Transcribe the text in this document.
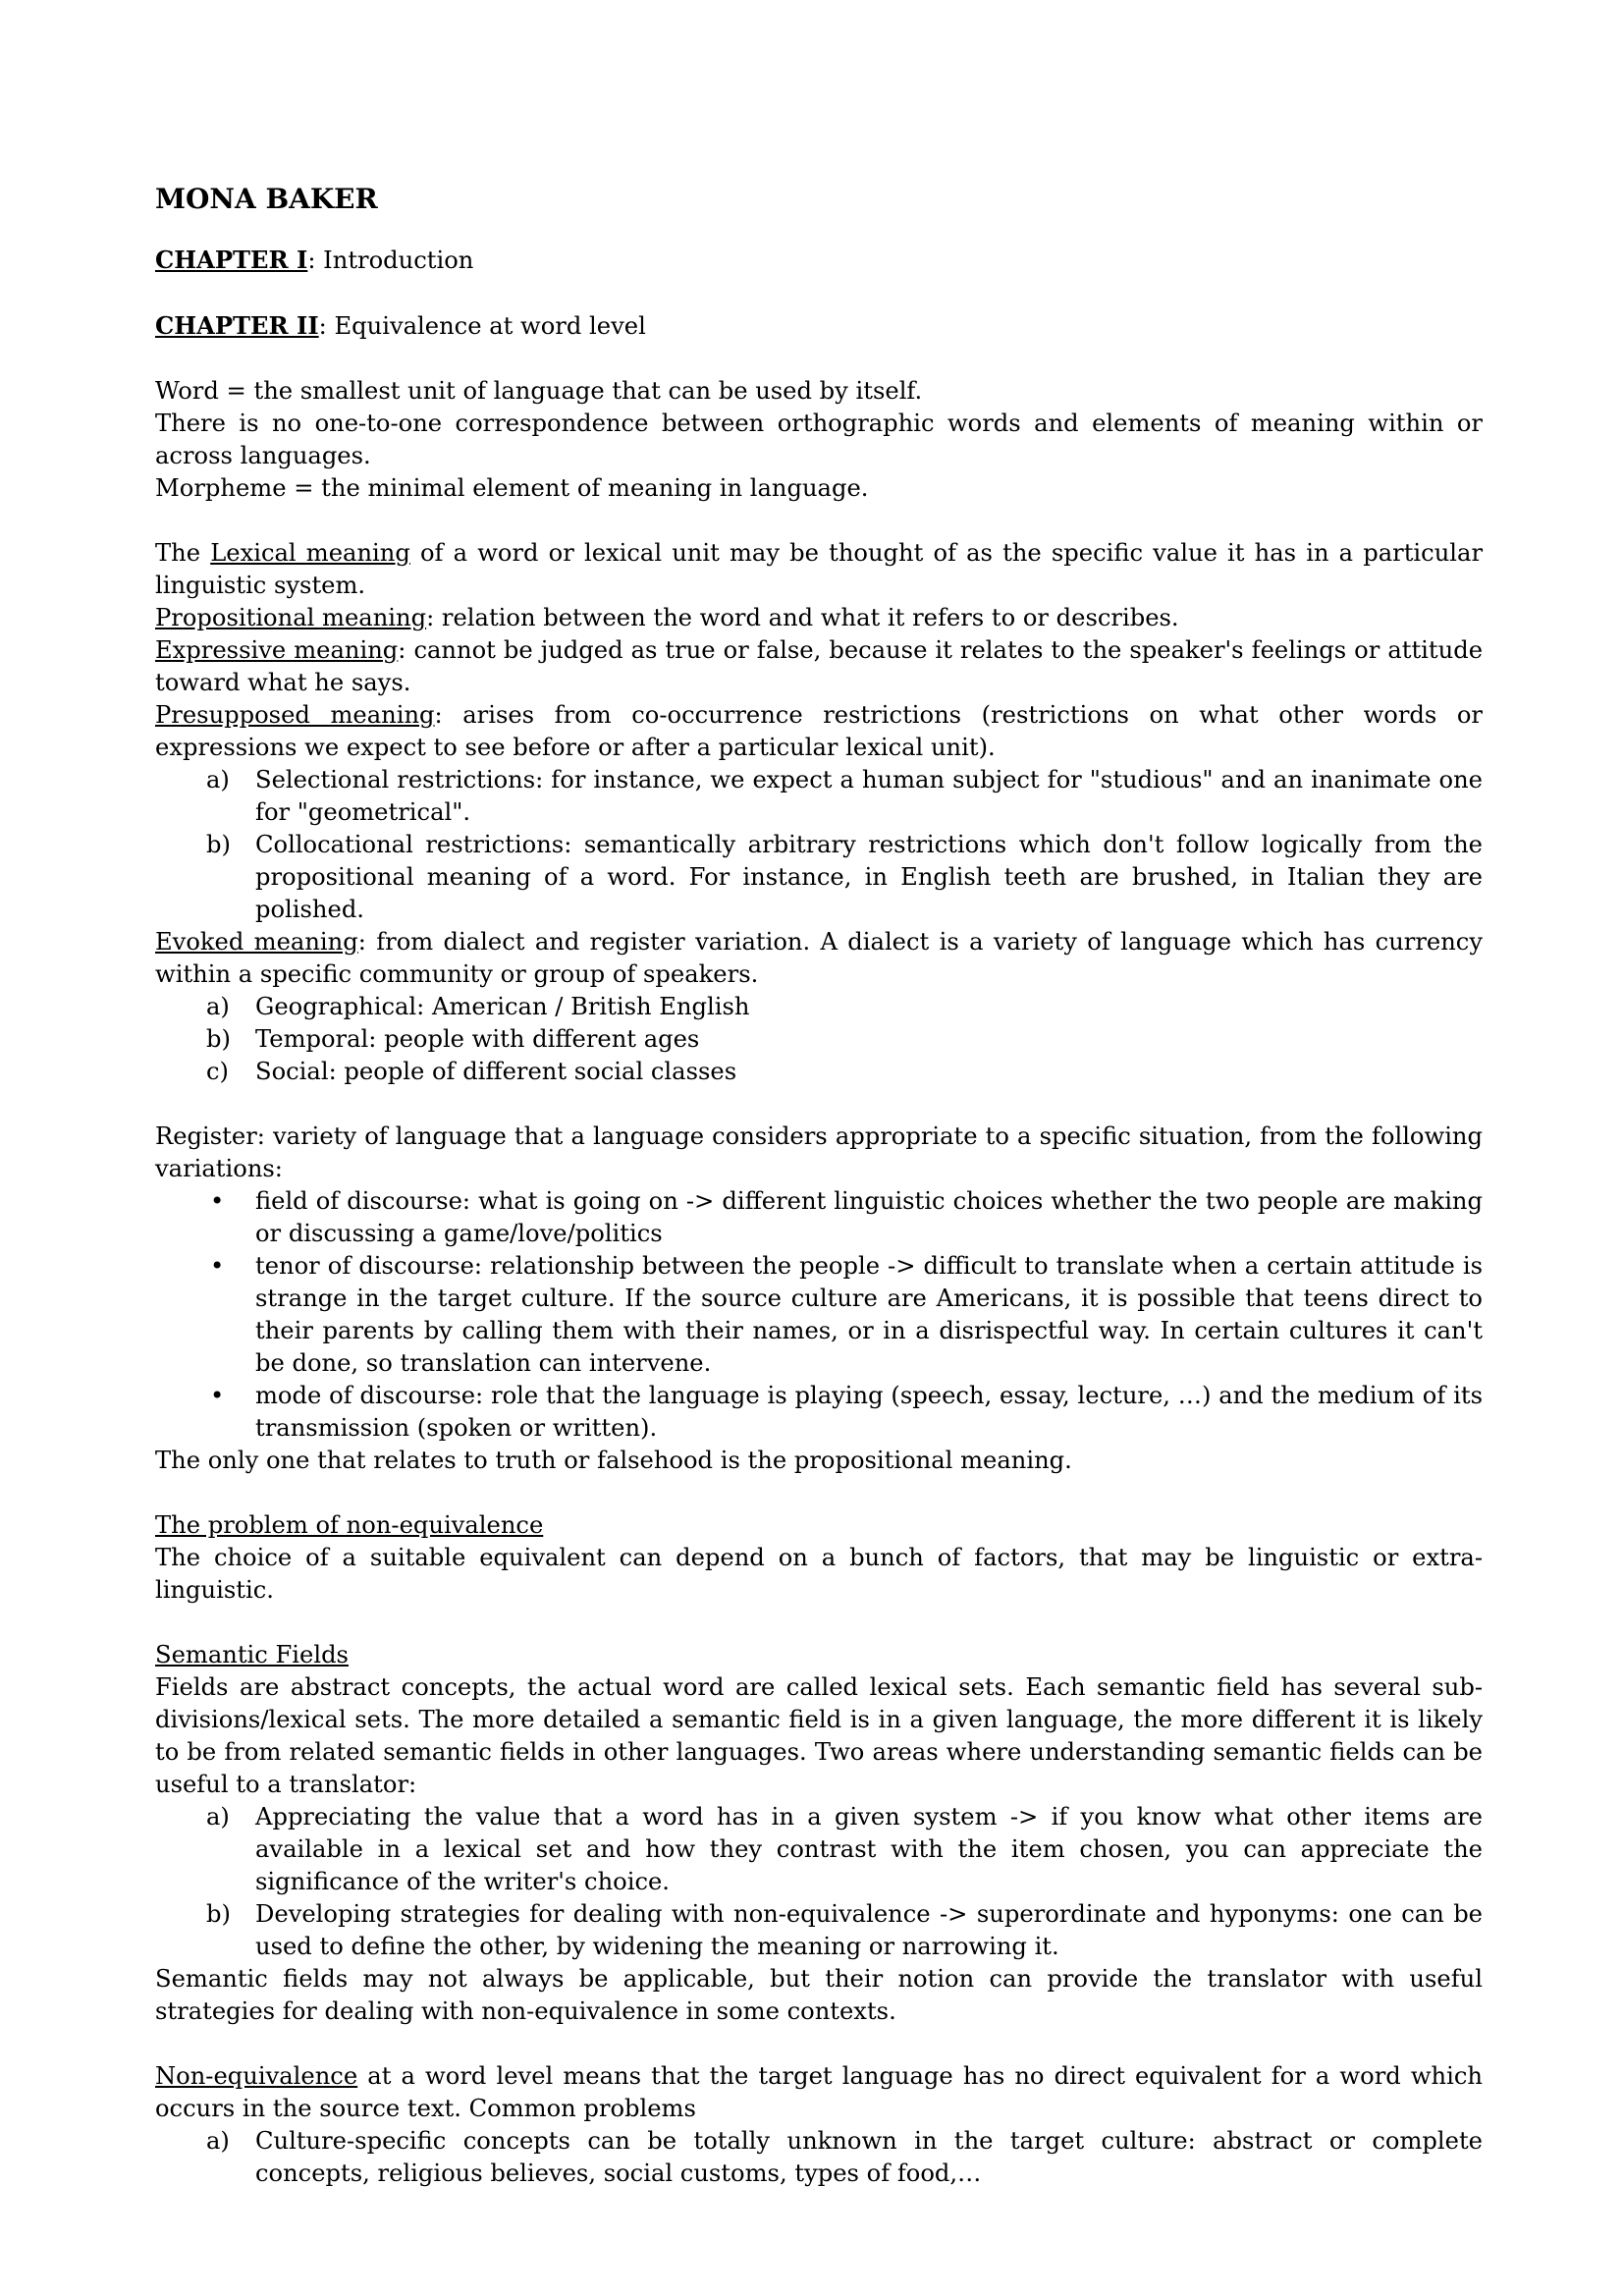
MONA BAKER
CHAPTER I: Introduction
CHAPTER II: Equivalence at word level

Word = the smallest unit of language that can be used by itself.

There is no one-to-one correspondence between orthographic words and elements of meaning within or across languages.

Morpheme = the minimal element of meaning in language.

The Lexical meaning of a word or lexical unit may be thought of as the specific value it has in a particular linguistic system.

Propositional meaning: relation between the word and what it refers to or describes.

Expressive meaning: cannot be judged as true or false, because it relates to the speaker's feelings or attitude toward what he says.

Presupposed meaning: arises from co-occurrence restrictions (restrictions on what other words or expressions we expect to see before or after a particular lexical unit).

a) Selectional restrictions: for instance, we expect a human subject for "studious" and an inanimate one for "geometrical".
b) Collocational restrictions: semantically arbitrary restrictions which don't follow logically from the propositional meaning of a word. For instance, in English teeth are brushed, in Italian they are polished.

Evoked meaning: from dialect and register variation. A dialect is a variety of language which has currency within a specific community or group of speakers.

a) Geographical: American / British English
b) Temporal: people with different ages
c) Social: people of different social classes

Register: variety of language that a language considers appropriate to a specific situation, from the following variations:

• field of discourse: what is going on -> different linguistic choices whether the two people are making or discussing a game/love/politics
• tenor of discourse: relationship between the people -> difficult to translate when a certain attitude is strange in the target culture. If the source culture are Americans, it is possible that teens direct to their parents by calling them with their names, or in a disrispectful way. In certain cultures it can't be done, so translation can intervene.
• mode of discourse: role that the language is playing (speech, essay, lecture, …) and the medium of its transmission (spoken or written).

The only one that relates to truth or falsehood is the propositional meaning.

The problem of non-equivalence

The choice of a suitable equivalent can depend on a bunch of factors, that may be linguistic or extra-linguistic.

Semantic Fields

Fields are abstract concepts, the actual word are called lexical sets. Each semantic field has several sub-divisions/lexical sets. The more detailed a semantic field is in a given language, the more different it is likely to be from related semantic fields in other languages. Two areas where understanding semantic fields can be useful to a translator:

a) Appreciating the value that a word has in a given system -> if you know what other items are available in a lexical set and how they contrast with the item chosen, you can appreciate the significance of the writer's choice.
b) Developing strategies for dealing with non-equivalence -> superordinate and hyponyms: one can be used to define the other, by widening the meaning or narrowing it.

Semantic fields may not always be applicable, but their notion can provide the translator with useful strategies for dealing with non-equivalence in some contexts.

Non-equivalence at a word level means that the target language has no direct equivalent for a word which occurs in the source text. Common problems

a) Culture-specific concepts can be totally unknown in the target culture: abstract or complete concepts, religious believes, social customs, types of food,…
